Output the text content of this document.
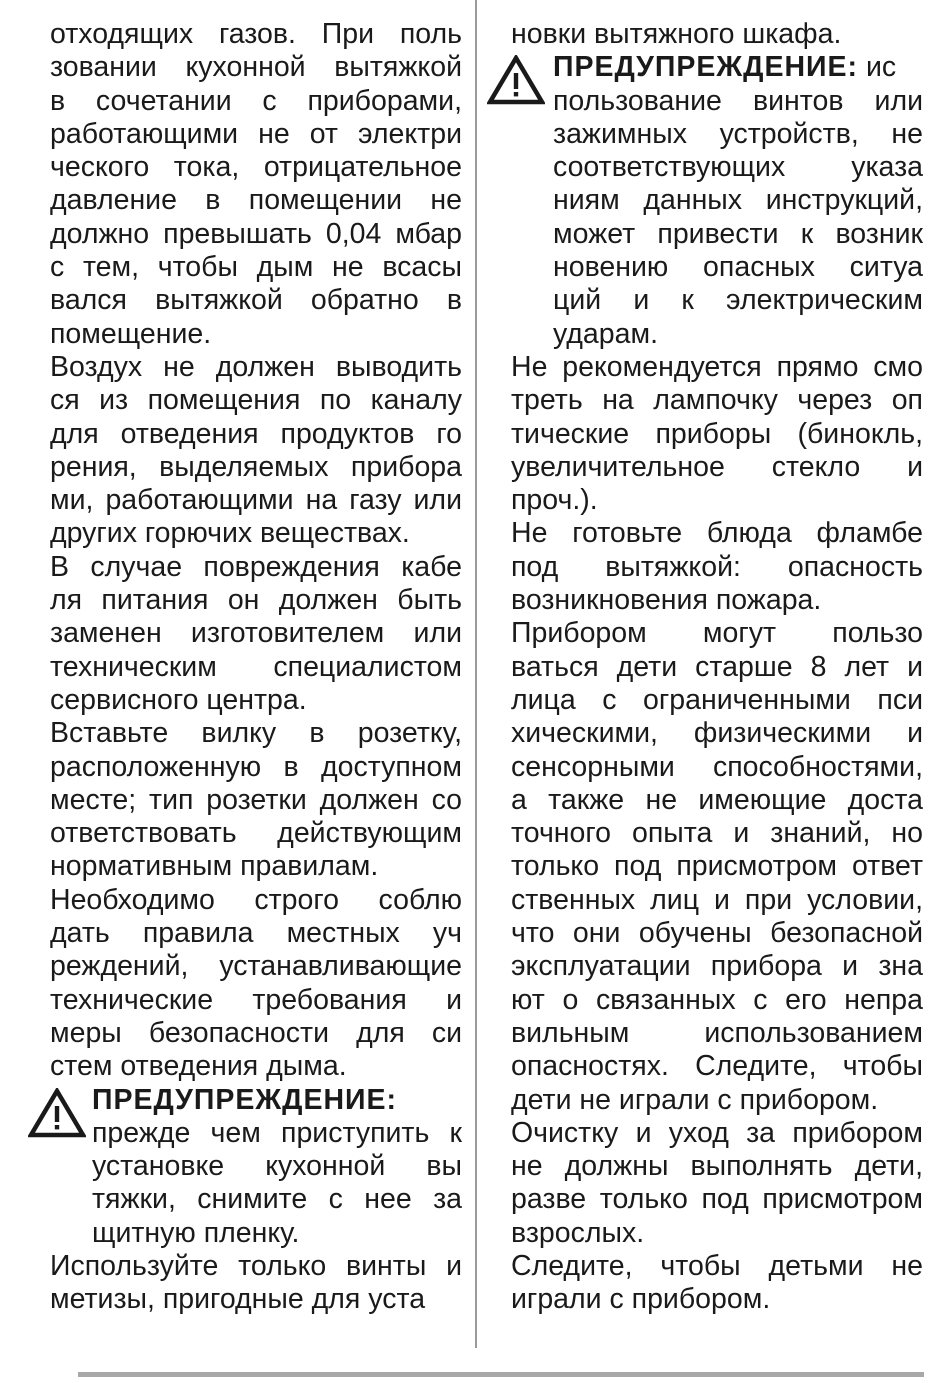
отходящих газов. При поль
зовании кухонной вытяжкой
в сочетании с приборами,
работающими не от электри
ческого тока, отрицательное
давление в помещении не
должно превышать 0,04 мбар
с тем, чтобы дым не всасы
вался вытяжкой обратно в
помещение.
Воздух не должен выводить
ся из помещения по каналу
для отведения продуктов го
рения, выделяемых прибора
ми, работающими на газу или
других горючих веществах.
В случае повреждения кабе
ля питания он должен быть
заменен изготовителем или
техническим специалистом
сервисного центра.
Вставьте вилку в розетку,
расположенную в доступном
месте; тип розетки должен со
ответствовать действующим
нормативным правилам.
Необходимо строго соблю
дать правила местных уч
реждений, устанавливающие
технические требования и
меры безопасности для си
стем отведения дыма.
ПРЕДУПРЕЖДЕНИЕ:
прежде чем приступить к
установке кухонной вы
тяжки, снимите с нее за
щитную пленку.
Используйте только винты и
метизы, пригодные для уста
новки вытяжного шкафа.
ПРЕДУПРЕЖДЕНИЕ: ис
пользование винтов или
зажимных устройств, не
соответствующих указа
ниям данных инструкций,
может привести к возник
новению опасных ситуа
ций и к электрическим
ударам.
Не рекомендуется прямо смо
треть на лампочку через оп
тические приборы (бинокль,
увеличительное стекло и
проч.).
Не готовьте блюда фламбе
под вытяжкой: опасность
возникновения пожара.
Прибором могут пользо
ваться дети старше 8 лет и
лица с ограниченными пси
хическими, физическими и
сенсорными способностями,
а также не имеющие доста
точного опыта и знаний, но
только под присмотром ответ
ственных лиц и при условии,
что они обучены безопасной
эксплуатации прибора и зна
ют о связанных с его непра
вильным использованием
опасностях. Следите, чтобы
дети не играли с прибором.
Очистку и уход за прибором
не должны выполнять дети,
разве только под присмотром
взрослых.
Следите, чтобы детьми не
играли с прибором.
